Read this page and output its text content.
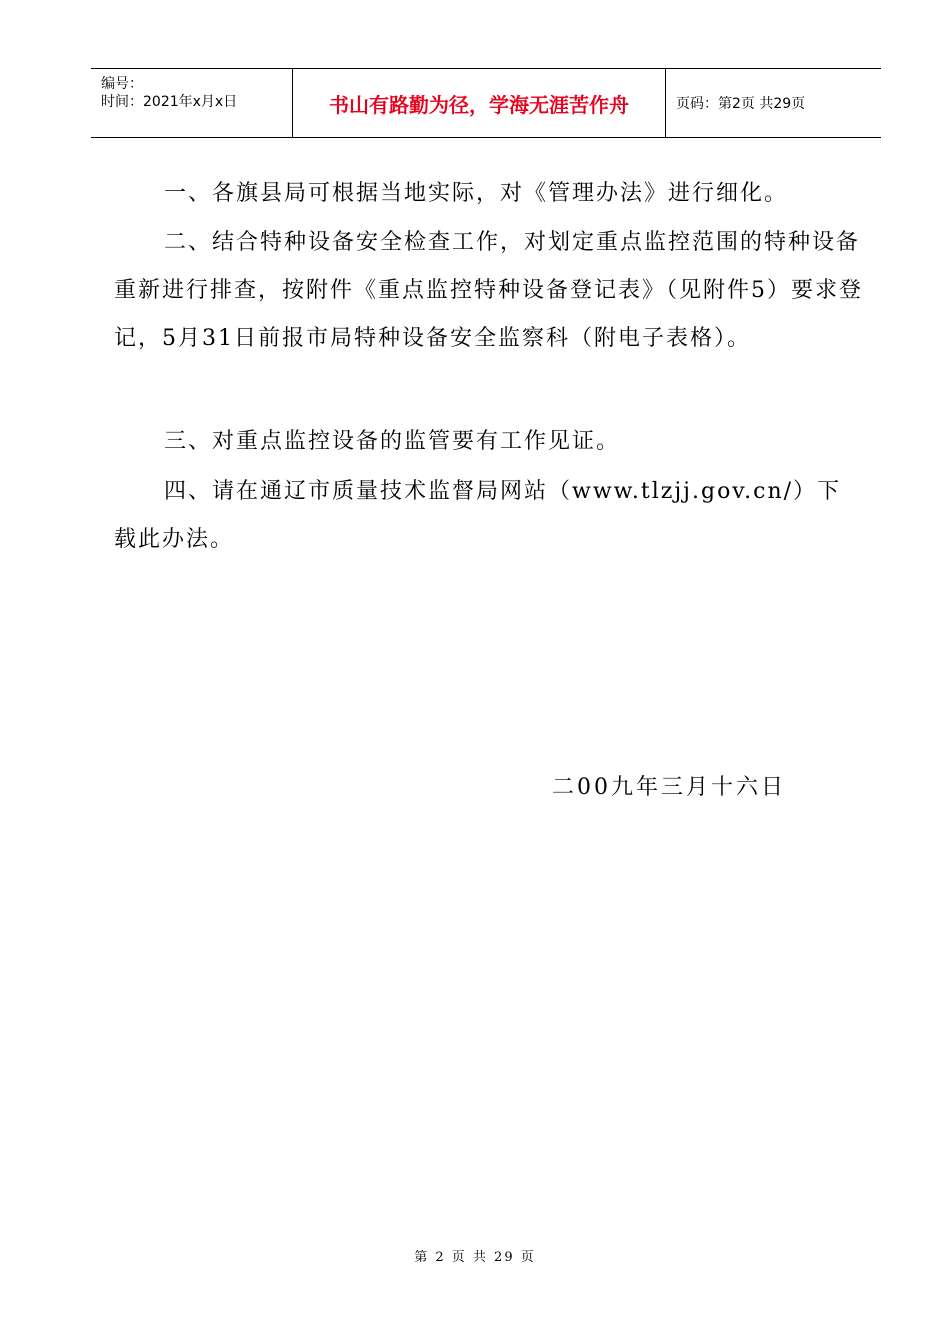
编号：
时间：2021年x月x日	书山有路勤为径，学海无涯苦作舟	页码：第2页 共29页
一、各旗县局可根据当地实际，对《管理办法》进行细化。
二、结合特种设备安全检查工作，对划定重点监控范围的特种设备重新进行排查，按附件《重点监控特种设备登记表》（见附件5）要求登记，5月31日前报市局特种设备安全监察科（附电子表格）。
三、对重点监控设备的监管要有工作见证。
四、请在通辽市质量技术监督局网站（www.tlzjj.gov.cn/）下载此办法。
二00九年三月十六日
第 2 页 共 29 页
